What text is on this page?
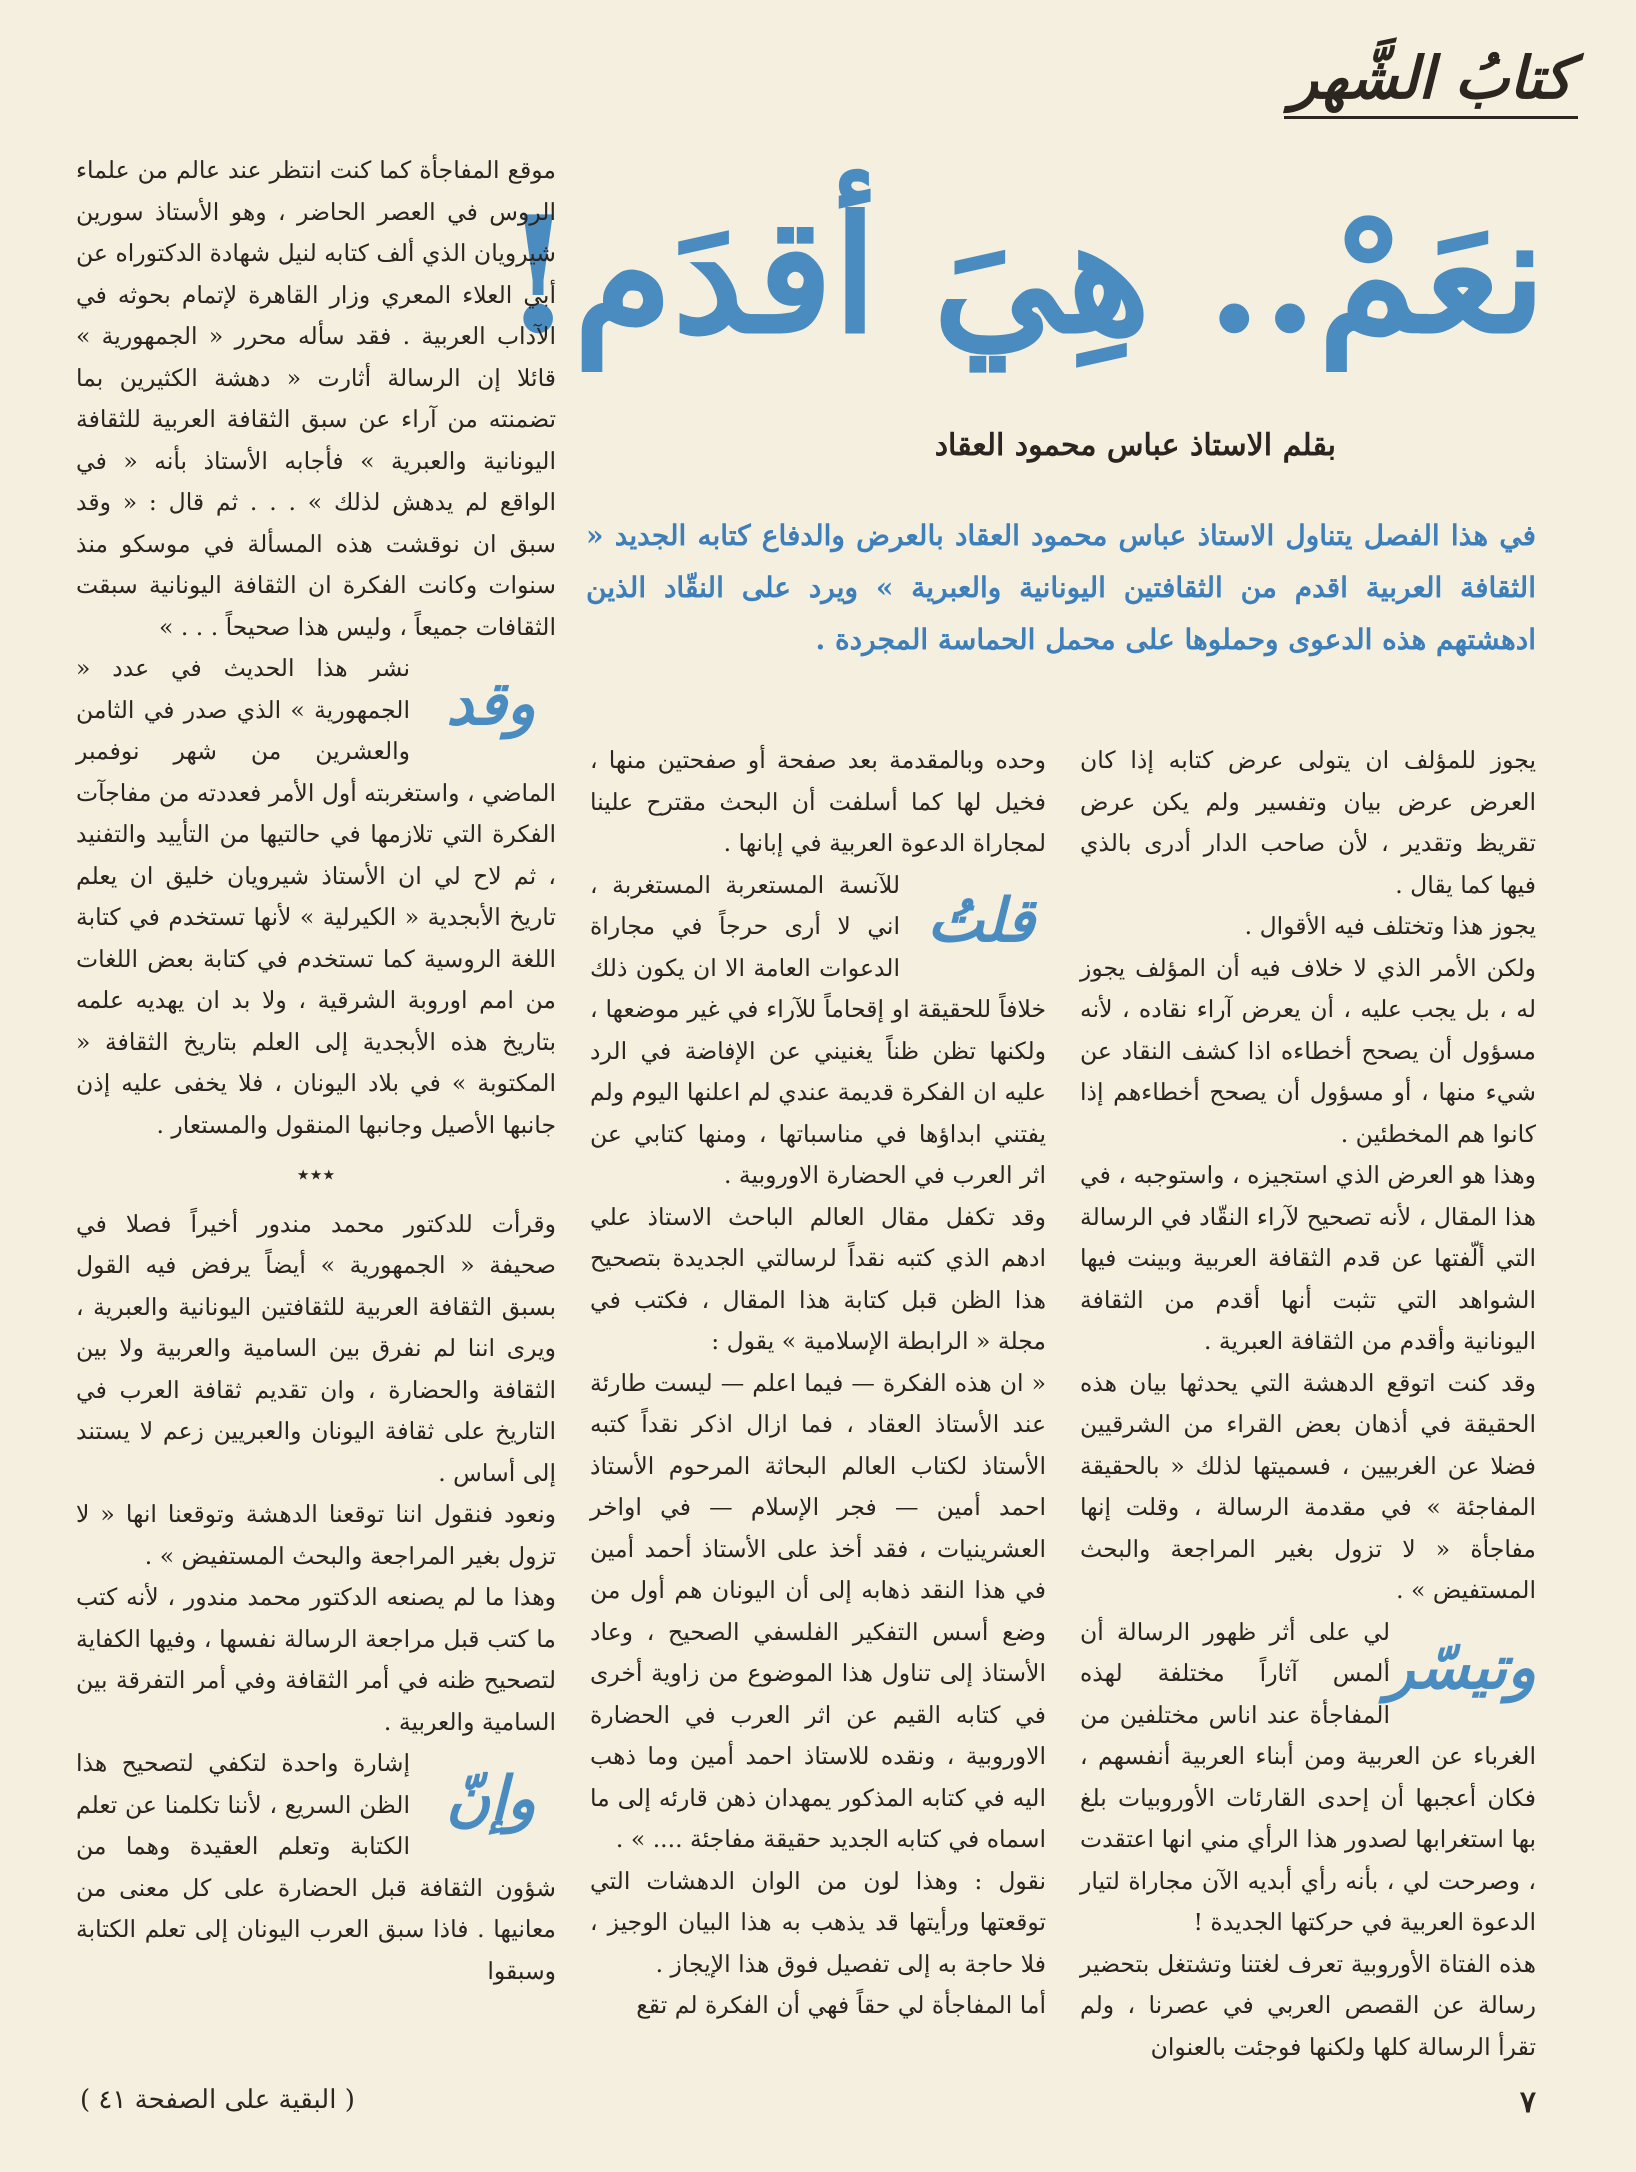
كتابُ الشَّهر
نعَمْ.. هِيَ أقدَم!
بقلم الاستاذ عباس محمود العقاد
في هذا الفصل يتناول الاستاذ عباس محمود العقاد بالعرض والدفاع كتابه الجديد « الثقافة العربية اقدم من الثقافتين اليونانية والعبرية » ويرد على النقّاد الذين ادهشتهم هذه الدعوى وحملوها على محمل الحماسة المجردة .

يجوز للمؤلف ان يتولى عرض كتابه إذا كان العرض عرض بيان وتفسير ولم يكن عرض تقريظ وتقدير ، لأن صاحب الدار أدرى بالذي فيها كما يقال .

يجوز هذا وتختلف فيه الأقوال .

ولكن الأمر الذي لا خلاف فيه أن المؤلف يجوز له ، بل يجب عليه ، أن يعرض آراء نقاده ، لأنه مسؤول أن يصحح أخطاءه اذا كشف النقاد عن شيء منها ، أو مسؤول أن يصحح أخطاءهم إذا كانوا هم المخطئين .

وهذا هو العرض الذي استجيزه ، واستوجبه ، في هذا المقال ، لأنه تصحيح لآراء النقّاد في الرسالة التي ألّفتها عن قدم الثقافة العربية وبينت فيها الشواهد التي تثبت أنها أقدم من الثقافة اليونانية وأقدم من الثقافة العبرية .

وقد كنت اتوقع الدهشة التي يحدثها بيان هذه الحقيقة في أذهان بعض القراء من الشرقيين فضلا عن الغربيين ، فسميتها لذلك « بالحقيقة المفاجئة » في مقدمة الرسالة ، وقلت إنها مفاجأة « لا تزول بغير المراجعة والبحث المستفيض » .

وتيسّر
لي على أثر ظهور الرسالة أن ألمس آثاراً مختلفة لهذه المفاجأة عند اناس مختلفين من الغرباء عن العربية ومن أبناء العربية أنفسهم ، فكان أعجبها أن إحدى القارئات الأوروبيات بلغ بها استغرابها لصدور هذا الرأي مني انها اعتقدت ، وصرحت لي ، بأنه رأي أبديه الآن مجاراة لتيار الدعوة العربية في حركتها الجديدة !

هذه الفتاة الأوروبية تعرف لغتنا وتشتغل بتحضير رسالة عن القصص العربي في عصرنا ، ولم تقرأ الرسالة كلها ولكنها فوجئت بالعنوان

وحده وبالمقدمة بعد صفحة أو صفحتين منها ، فخيل لها كما أسلفت أن البحث مقترح علينا لمجاراة الدعوة العربية في إبانها .

قلتُ
للآنسة المستعربة المستغربة ، اني لا أرى حرجاً في مجاراة الدعوات العامة الا ان يكون ذلك خلافاً للحقيقة او إقحاماً للآراء في غير موضعها ، ولكنها تظن ظناً يغنيني عن الإفاضة في الرد عليه ان الفكرة قديمة عندي لم اعلنها اليوم ولم يفتني ابداؤها في مناسباتها ، ومنها كتابي عن اثر العرب في الحضارة الاوروبية .

وقد تكفل مقال العالم الباحث الاستاذ علي ادهم الذي كتبه نقداً لرسالتي الجديدة بتصحيح هذا الظن قبل كتابة هذا المقال ، فكتب في مجلة « الرابطة الإسلامية » يقول :

« ان هذه الفكرة — فيما اعلم — ليست طارئة عند الأستاذ العقاد ، فما ازال اذكر نقداً كتبه الأستاذ لكتاب العالم البحاثة المرحوم الأستاذ احمد أمين — فجر الإسلام — في اواخر العشرينيات ، فقد أخذ على الأستاذ أحمد أمين في هذا النقد ذهابه إلى أن اليونان هم أول من وضع أسس التفكير الفلسفي الصحيح ، وعاد الأستاذ إلى تناول هذا الموضوع من زاوية أخرى في كتابه القيم عن اثر العرب في الحضارة الاوروبية ، ونقده للاستاذ احمد أمين وما ذهب اليه في كتابه المذكور يمهدان ذهن قارئه إلى ما اسماه في كتابه الجديد حقيقة مفاجئة .... » .

نقول : وهذا لون من الوان الدهشات التي توقعتها ورأيتها قد يذهب به هذا البيان الوجيز ، فلا حاجة به إلى تفصيل فوق هذا الإيجاز .

أما المفاجأة لي حقاً فهي أن الفكرة لم تقع

موقع المفاجأة كما كنت انتظر عند عالم من علماء الروس في العصر الحاضر ، وهو الأستاذ سورين شيرويان الذي ألف كتابه لنيل شهادة الدكتوراه عن أبي العلاء المعري وزار القاهرة لإتمام بحوثه في الآداب العربية . فقد سأله محرر « الجمهورية » قائلا إن الرسالة أثارت « دهشة الكثيرين بما تضمنته من آراء عن سبق الثقافة العربية للثقافة اليونانية والعبرية » فأجابه الأستاذ بأنه « في الواقع لم يدهش لذلك » . . . ثم قال : « وقد سبق ان نوقشت هذه المسألة في موسكو منذ سنوات وكانت الفكرة ان الثقافة اليونانية سبقت الثقافات جميعاً ، وليس هذا صحيحاً . . . »

وقد
نشر هذا الحديث في عدد « الجمهورية » الذي صدر في الثامن والعشرين من شهر نوفمبر الماضي ، واستغربته أول الأمر فعددته من مفاجآت الفكرة التي تلازمها في حالتيها من التأييد والتفنيد ، ثم لاح لي ان الأستاذ شيرويان خليق ان يعلم تاريخ الأبجدية « الكيرلية » لأنها تستخدم في كتابة اللغة الروسية كما تستخدم في كتابة بعض اللغات من امم اوروبة الشرقية ، ولا بد ان يهديه علمه بتاريخ هذه الأبجدية إلى العلم بتاريخ الثقافة « المكتوبة » في بلاد اليونان ، فلا يخفى عليه إذن جانبها الأصيل وجانبها المنقول والمستعار .

٭٭٭

وقرأت للدكتور محمد مندور أخيراً فصلا في صحيفة « الجمهورية » أيضاً يرفض فيه القول بسبق الثقافة العربية للثقافتين اليونانية والعبرية ، ويرى اننا لم نفرق بين السامية والعربية ولا بين الثقافة والحضارة ، وان تقديم ثقافة العرب في التاريخ على ثقافة اليونان والعبريين زعم لا يستند إلى أساس .

ونعود فنقول اننا توقعنا الدهشة وتوقعنا انها « لا تزول بغير المراجعة والبحث المستفيض » .

وهذا ما لم يصنعه الدكتور محمد مندور ، لأنه كتب ما كتب قبل مراجعة الرسالة نفسها ، وفيها الكفاية لتصحيح ظنه في أمر الثقافة وفي أمر التفرقة بين السامية والعربية .

وإنّ
إشارة واحدة لتكفي لتصحيح هذا الظن السريع ، لأننا تكلمنا عن تعلم الكتابة وتعلم العقيدة وهما من شؤون الثقافة قبل الحضارة على كل معنى من معانيها . فاذا سبق العرب اليونان إلى تعلم الكتابة وسبقوا

٧
( البقية على الصفحة ٤١ )
